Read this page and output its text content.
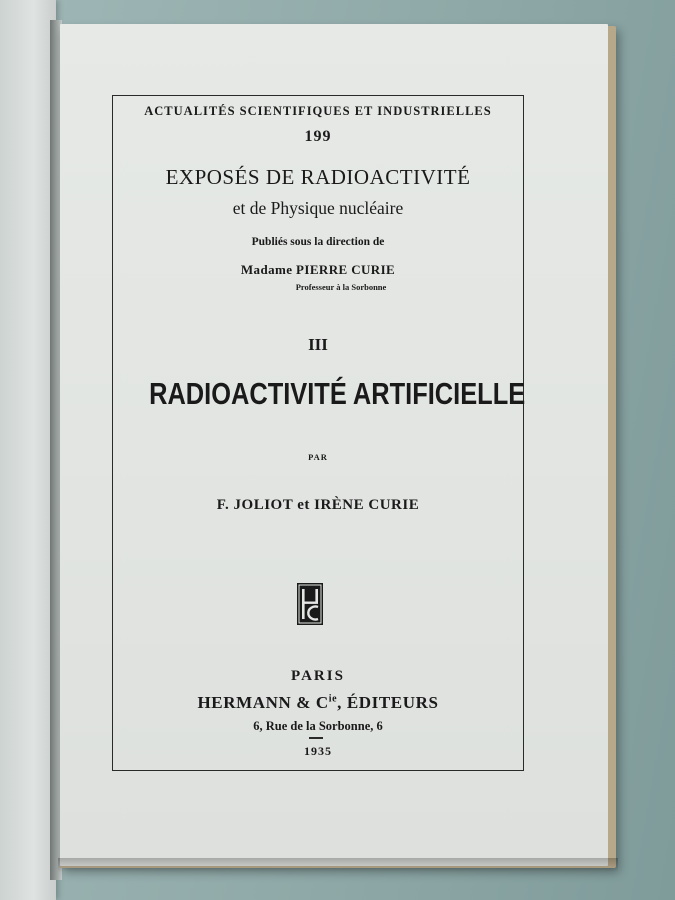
ACTUALITÉS SCIENTIFIQUES ET INDUSTRIELLES
199
EXPOSÉS DE RADIOACTIVITÉ
et de Physique nucléaire
Publiés sous la direction de
Madame PIERRE CURIE
Professeur à la Sorbonne
III
RADIOACTIVITÉ ARTIFICIELLE
PAR
F. JOLIOT et IRÈNE CURIE
PARIS
HERMANN & $C^{ie}$, ÉDITEURS
6, Rue de la Sorbonne, 6
1935
